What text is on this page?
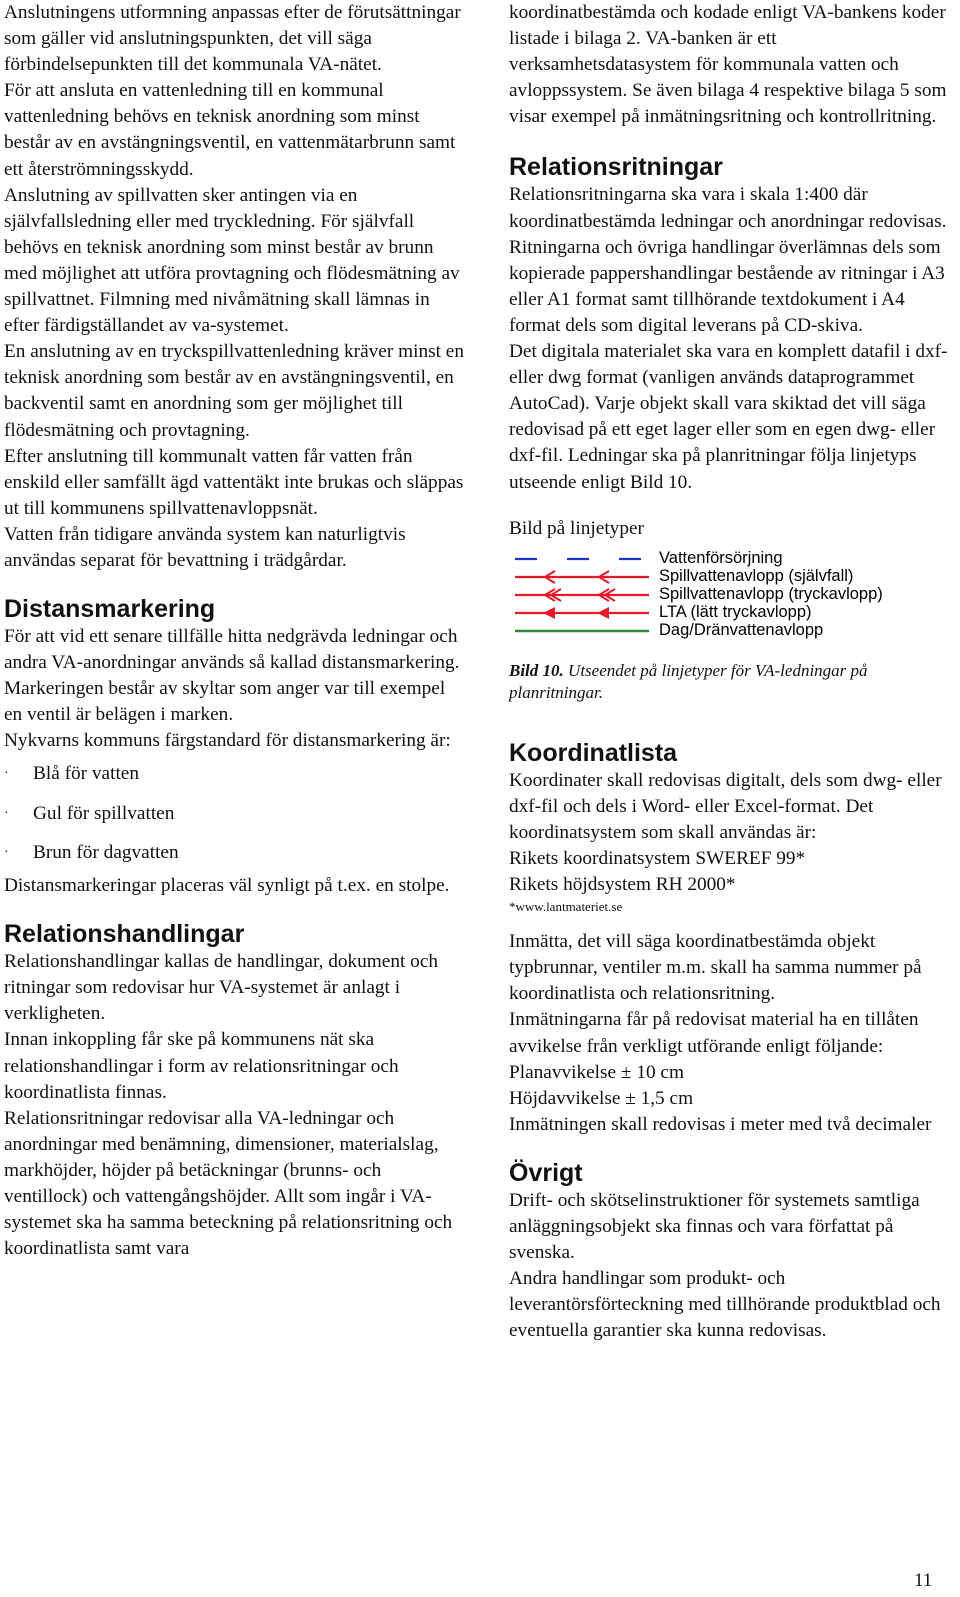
Anslutningens utformning anpassas efter de förutsättningar som gäller vid anslutningspunkten, det vill säga förbindelsepunkten till det kommunala VA-nätet.

För att ansluta en vattenledning till en kommunal vattenledning behövs en teknisk anordning som minst består av en avstängningsventil, en vattenmätarbrunn samt ett återströmningsskydd.

Anslutning av spillvatten sker antingen via en självfallsledning eller med tryckledning. För självfall behövs en teknisk anordning som minst består av brunn med möjlighet att utföra provtagning och flödesmätning av spillvattnet. Filmning med nivåmätning skall lämnas in efter färdigställandet av va-systemet.

En anslutning av en tryckspillvattenledning kräver minst en teknisk anordning som består av en avstängningsventil, en backventil samt en anordning som ger möjlighet till flödesmätning och provtagning.

Efter anslutning till kommunalt vatten får vatten från enskild eller samfällt ägd vattentäkt inte brukas och släppas ut till kommunens spillvattenavloppsnät.

Vatten från tidigare använda system kan naturligtvis användas separat för bevattning i trädgårdar.

Distansmarkering

För att vid ett senare tillfälle hitta nedgrävda ledningar och andra VA-anordningar används så kallad distansmarkering. Markeringen består av skyltar som anger var till exempel en ventil är belägen i marken.

Nykvarns kommuns färgstandard för distansmarkering är:

·	Blå för vatten
·	Gul för spillvatten
·	Brun för dagvatten

Distansmarkeringar placeras väl synligt på t.ex. en stolpe.

Relationshandlingar

Relationshandlingar kallas de handlingar, dokument och ritningar som redovisar hur VA-systemet är anlagt i verkligheten.

Innan inkoppling får ske på kommunens nät ska relationshandlingar i form av relationsritningar och koordinatlista finnas.

Relationsritningar redovisar alla VA-ledningar och anordningar med benämning, dimensioner, materialslag, markhöjder, höjder på betäckningar (brunns- och ventillock) och vattengångshöjder. Allt som ingår i VA-systemet ska ha samma beteckning på relationsritning och koordinatlista samt vara

koordinatbestämda och kodade enligt VA-bankens koder listade i bilaga 2. VA-banken är ett verksamhetsdatasystem för kommunala vatten och avloppssystem. Se även bilaga 4 respektive bilaga 5 som visar exempel på inmätningsritning och kontrollritning.

Relationsritningar

Relationsritningarna ska vara i skala 1:400 där koordinatbestämda ledningar och anordningar redovisas. Ritningarna och övriga handlingar överlämnas dels som kopierade pappershandlingar bestående av ritningar i A3 eller A1 format samt tillhörande textdokument i A4 format dels som digital leverans på CD-skiva.

Det digitala materialet ska vara en komplett datafil i dxf- eller dwg format (vanligen används dataprogrammet AutoCad). Varje objekt skall vara skiktad det vill säga redovisad på ett eget lager eller som en egen dwg- eller dxf-fil. Ledningar ska på planritningar följa linjetyps utseende enligt Bild 10.

Bild på linjetyper

Vattenförsörjning
Spillvattenavlopp (självfall)
Spillvattenavlopp (tryckavlopp)
LTA (lätt tryckavlopp)
Dag/Dränvattenavlopp

Bild 10. Utseendet på linjetyper för VA-ledningar på planritningar.

Koordinatlista

Koordinater skall redovisas digitalt, dels som dwg- eller dxf-fil och dels i Word- eller Excel-format. Det koordinatsystem som skall användas är:

Rikets koordinatsystem SWEREF 99*

Rikets höjdsystem RH 2000*

*www.lantmateriet.se

Inmätta, det vill säga koordinatbestämda objekt typbrunnar, ventiler m.m. skall ha samma nummer på koordinatlista och relationsritning.

Inmätningarna får på redovisat material ha en tillåten avvikelse från verkligt utförande enligt följande:

Planavvikelse ± 10 cm

Höjdavvikelse ± 1,5 cm

Inmätningen skall redovisas i meter med två decimaler

Övrigt

Drift- och skötselinstruktioner för systemets samtliga anläggningsobjekt ska finnas och vara författat på svenska.

Andra handlingar som produkt- och leverantörsförteckning med tillhörande produktblad och eventuella garantier ska kunna redovisas.

11
